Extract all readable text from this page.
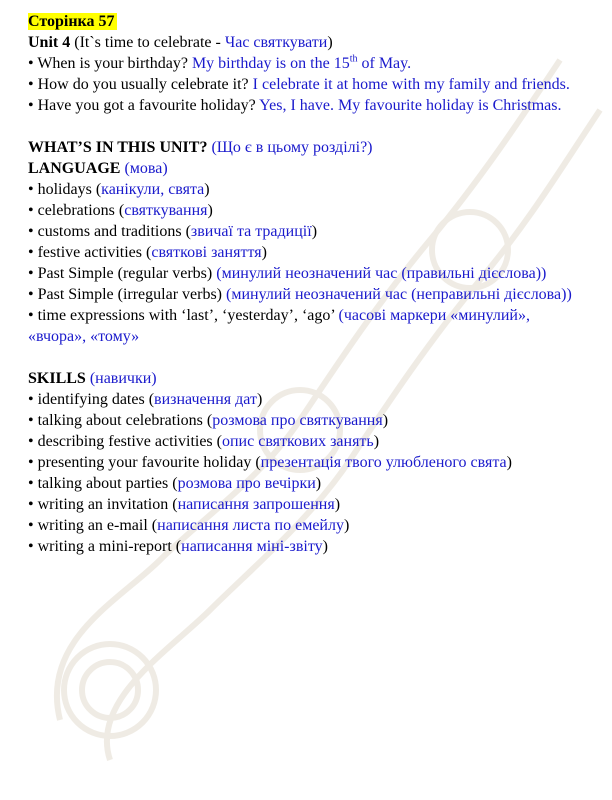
Сторінка 57
Unit 4 (It`s time to celebrate - Час святкувати)
• When is your birthday? My birthday is on the 15th of May.
• How do you usually celebrate it? I celebrate it at home with my family and friends.
• Have you got a favourite holiday? Yes, I have. My favourite holiday is Christmas.
WHAT’S IN THIS UNIT? (Що є в цьому розділі?)
LANGUAGE (мова)
• holidays (канікули, свята)
• celebrations (святкування)
• customs and traditions (звичаї та традиції)
• festive activities (святкові заняття)
• Past Simple (regular verbs) (минулий неозначений час (правильні дієслова))
• Past Simple (irregular verbs) (минулий неозначений час (неправильні дієслова))
• time expressions with ‘last’, ‘yesterday’, ‘ago’ (часові маркери «минулий», «вчора», «тому»
SKILLS (навички)
• identifying dates (визначення дат)
• talking about celebrations (розмова про святкування)
• describing festive activities (опис святкових занять)
• presenting your favourite holiday (презентація твого улюбленого свята)
• talking about parties (розмова про вечірки)
• writing an invitation (написання запрошення)
• writing an e-mail (написання листа по емейлу)
• writing a mini-report (написання міні-звіту)
